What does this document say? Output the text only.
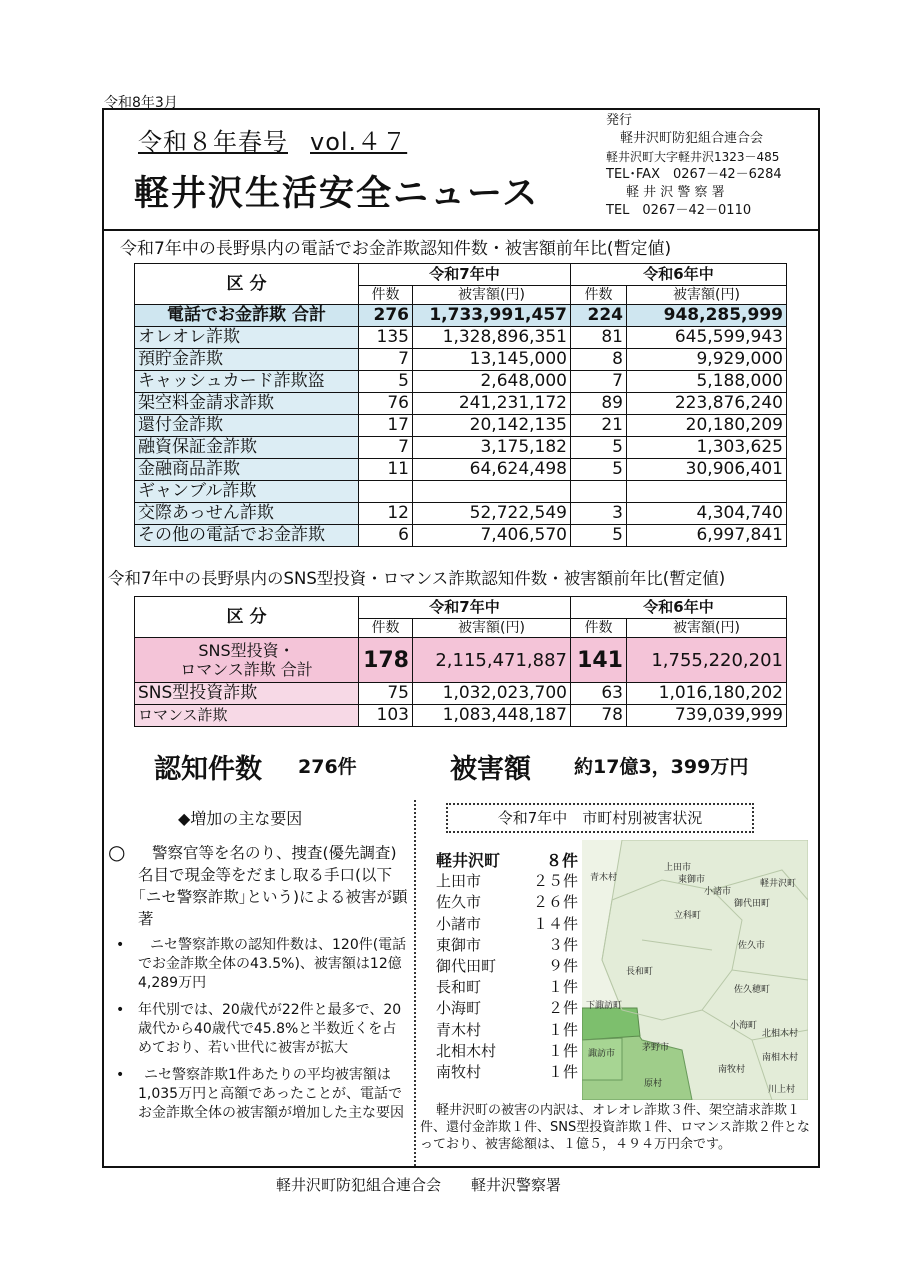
令和8年3月
令和８年春号 vol.４７
軽井沢生活安全ニュース
発行
軽井沢町防犯組合連合会
軽井沢町大字軽井沢1323－485
TEL･FAX　0267－42－6284
軽 井 沢 警 察 署
TEL　0267－42－0110
令和7年中の長野県内の電話でお金詐欺認知件数・被害額前年比(暫定値)
区 分	令和7年中		令和6年中	
	件数	被害額(円)	件数	被害額(円)
電話でお金詐欺 合計	276	1,733,991,457	224	948,285,999
オレオレ詐欺	135	1,328,896,351	81	645,599,943
預貯金詐欺	7	13,145,000	8	9,929,000
キャッシュカード詐欺盗	5	2,648,000	7	5,188,000
架空料金請求詐欺	76	241,231,172	89	223,876,240
還付金詐欺	17	20,142,135	21	20,180,209
融資保証金詐欺	7	3,175,182	5	1,303,625
金融商品詐欺	11	64,624,498	5	30,906,401
ギャンブル詐欺				
交際あっせん詐欺	12	52,722,549	3	4,304,740
その他の電話でお金詐欺	6	7,406,570	5	6,997,841
令和7年中の長野県内のSNS型投資・ロマンス詐欺認知件数・被害額前年比(暫定値)
区 分	令和7年中		令和6年中	
	件数	被害額(円)	件数	被害額(円)

SNS型投資・
ロマンス詐欺 合計	178	2,115,471,887	141	1,755,220,201
SNS型投資詐欺	75	1,032,023,700	63	1,016,180,202
ロマンス詐欺	103	1,083,448,187	78	739,039,999
認知件数 276件	被害額 約17億3，399万円
◆増加の主な要因
○	警察官等を名のり、捜査(優先調査)名目で現金等をだまし取る手口(以下｢ニセ警察詐欺｣という)による被害が顕著
•	ニセ警察詐欺の認知件数は、120件(電話でお金詐欺全体の43.5%)、被害額は12億4,289万円
• 年代別では、20歳代が22件と最多で、20歳代から40歳代で45.8%と半数近くを占めており、若い世代に被害が拡大
•	ニセ警察詐欺1件あたりの平均被害額は1,035万円と高額であったことが、電話でお金詐欺全体の被害額が増加した主な要因
令和7年中　市町村別被害状況
上田市
東御市
小諸市
軽井沢町
青木村
御代田町
立科町
佐久市
長和町
佐久穂町
下諏訪町
小海町
北相木村
諏訪市
茅野市
南相木村
原村
南牧村
川上村
軽井沢町	８件
上田市	２５件
佐久市	２６件
小諸市	１４件
東御市	３件
御代田町	９件
長和町	１件
小海町	２件
青木村	１件
北相木村	１件
南牧村	１件
軽井沢町の被害の内訳は、オレオレ詐欺３件、架空請求詐欺１件、還付金詐欺１件、SNS型投資詐欺１件、ロマンス詐欺２件となっており、被害総額は、１億５，４９４万円余です。
軽井沢町防犯組合連合会　　軽井沢警察署
